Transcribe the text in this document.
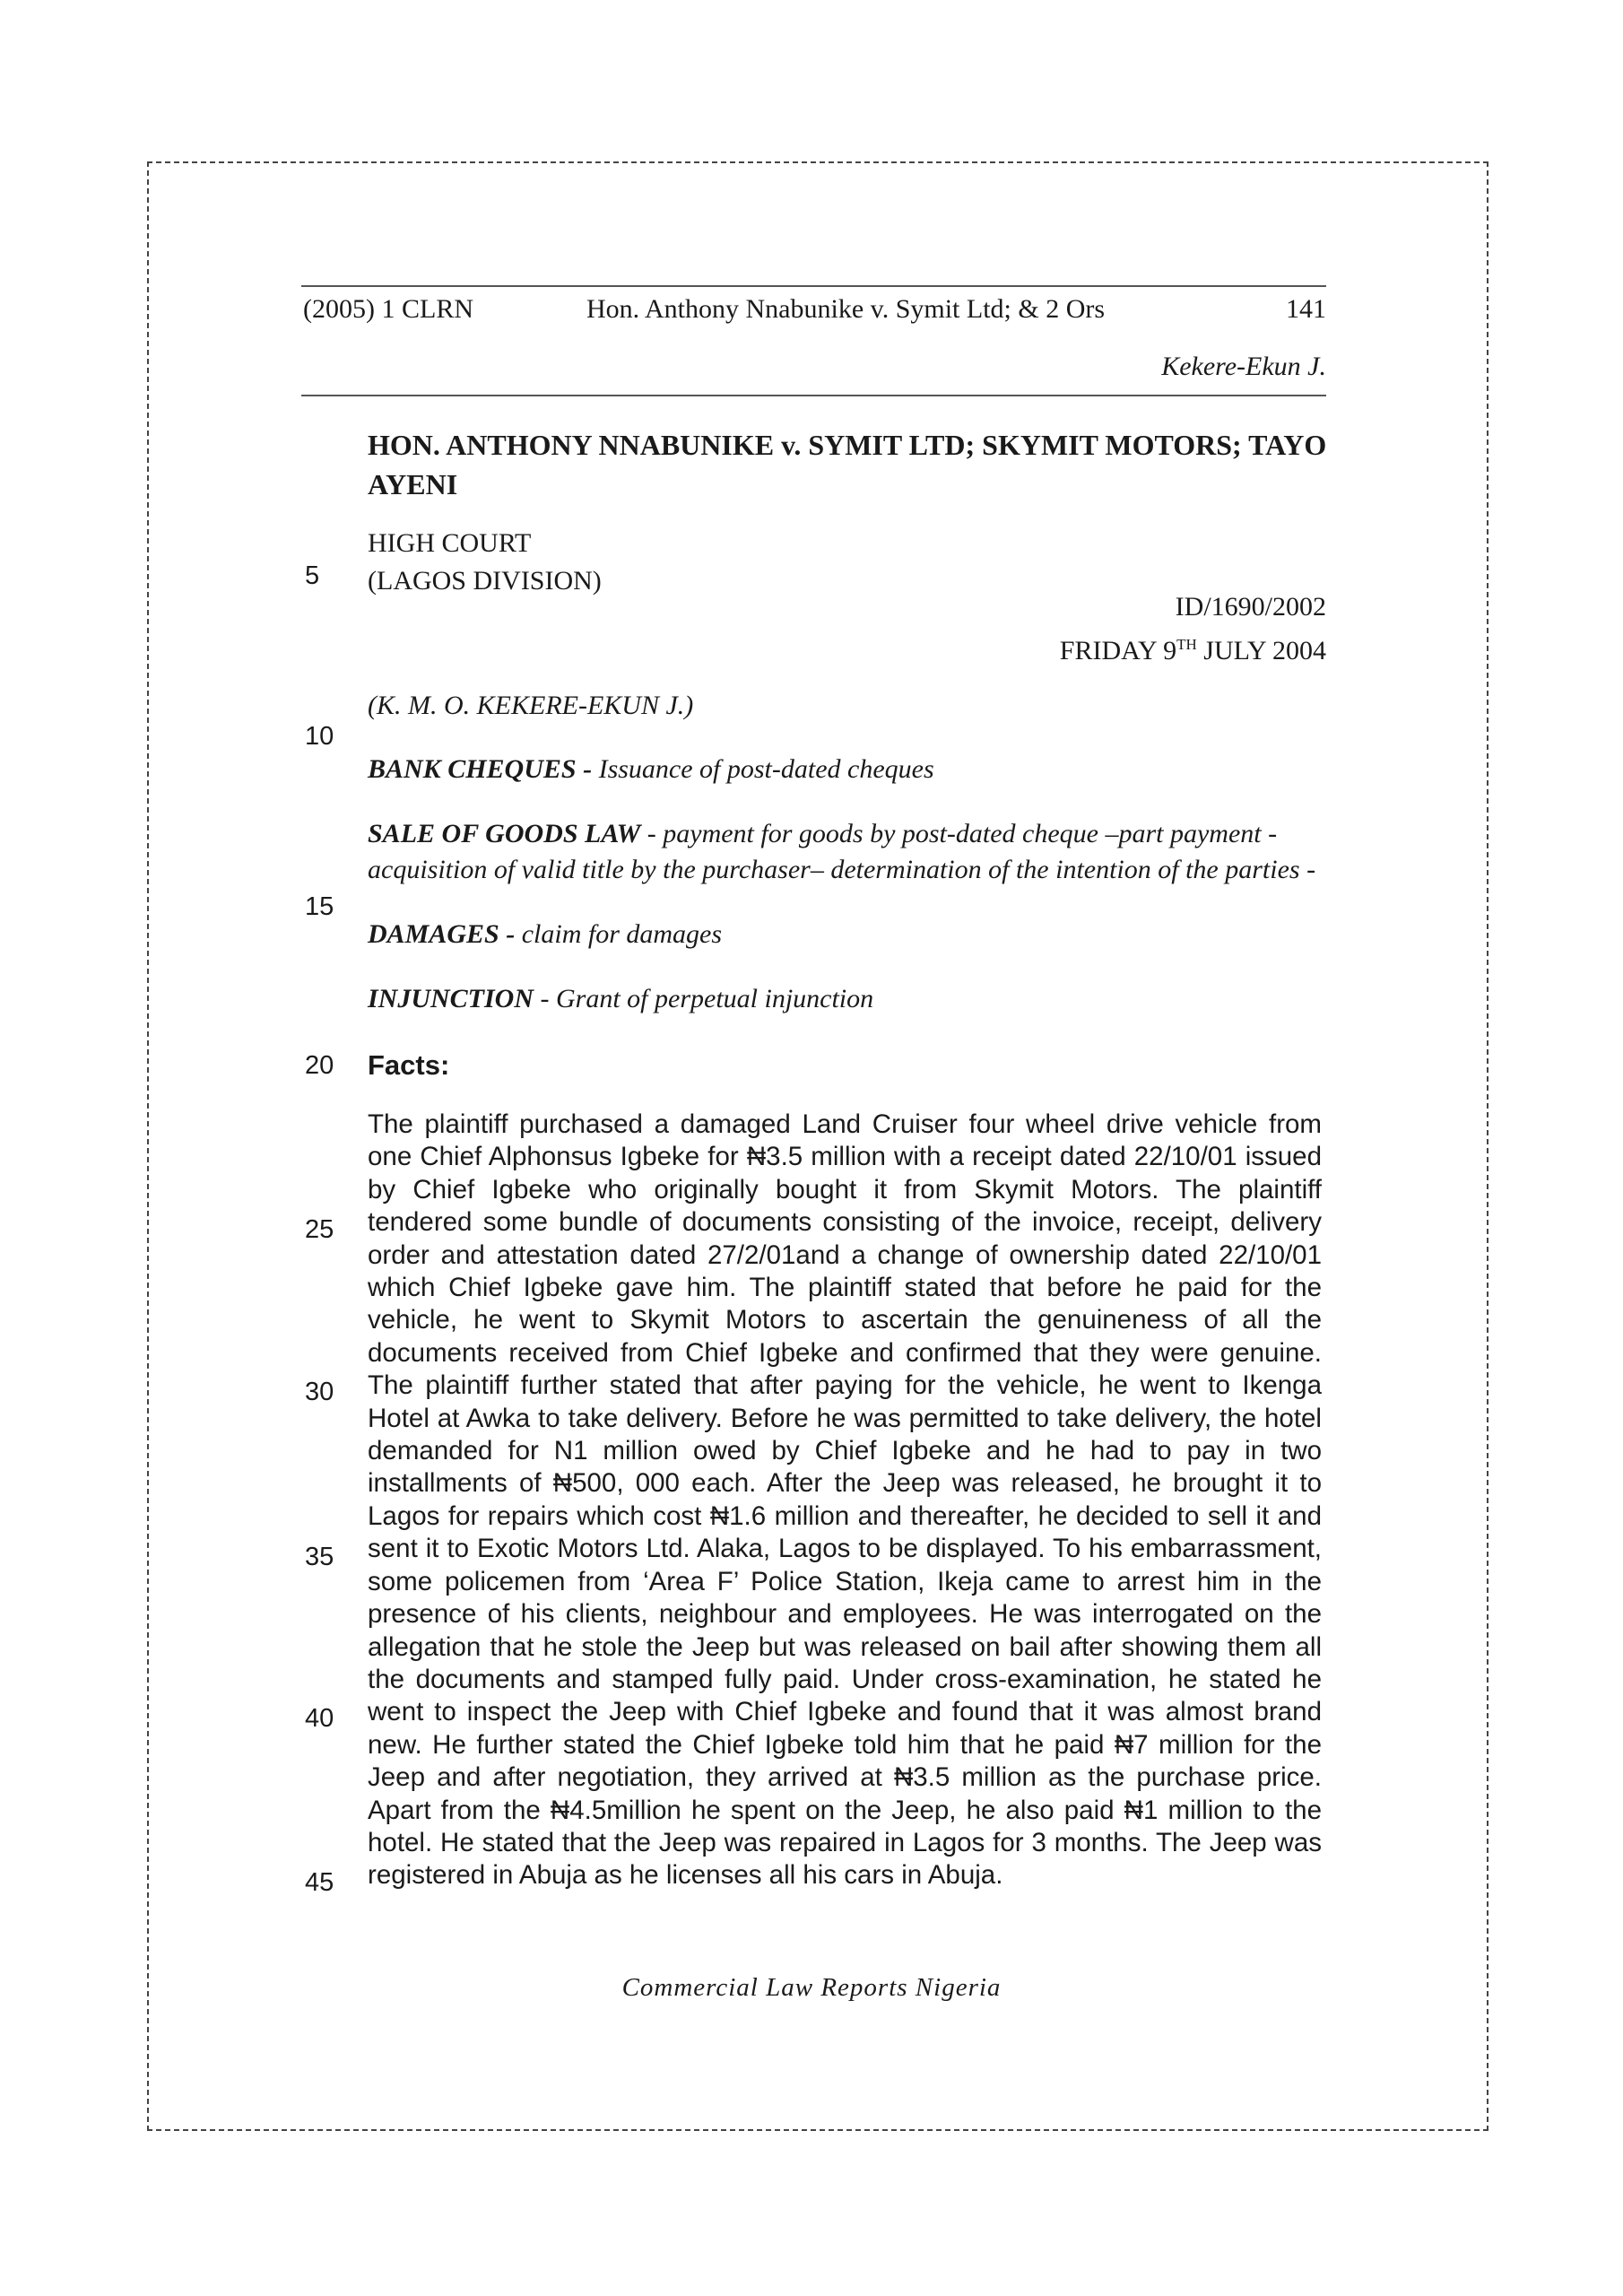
(2005) 1 CLRN	Hon. Anthony Nnabunike v. Symit Ltd; & 2 Ors	141
Kekere-Ekun J.
5
10
15
20
25
30
35
40
45
HON. ANTHONY NNABUNIKE v. SYMIT LTD; SKYMIT MOTORS; TAYO AYENI
HIGH COURT
(LAGOS DIVISION)
ID/1690/2002
FRIDAY 9TH JULY 2004
(K. M. O. KEKERE-EKUN J.)
BANK CHEQUES - Issuance of post-dated cheques
SALE OF GOODS LAW - payment for goods by post-dated cheque –part payment - acquisition of valid title by the purchaser– determination of the intention of the parties -
DAMAGES - claim for damages
INJUNCTION - Grant of perpetual injunction
Facts:
The plaintiff purchased a damaged Land Cruiser four wheel drive vehicle from one Chief Alphonsus Igbeke for ₦3.5 million with a receipt dated 22/10/01 issued by Chief Igbeke who originally bought it from Skymit Motors. The plaintiff tendered some bundle of documents consisting of the invoice, receipt, delivery order and attestation dated 27/2/01and a change of ownership dated 22/10/01 which Chief Igbeke gave him. The plaintiff stated that before he paid for the vehicle, he went to Skymit Motors to ascertain the genuineness of all the documents received from Chief Igbeke and confirmed that they were genuine. The plaintiff further stated that after paying for the vehicle, he went to Ikenga Hotel at Awka to take delivery. Before he was permitted to take delivery, the hotel demanded for N1 million owed by Chief Igbeke and he had to pay in two installments of ₦500, 000 each. After the Jeep was released, he brought it to Lagos for repairs which cost ₦1.6 million and thereafter, he decided to sell it and sent it to Exotic Motors Ltd. Alaka, Lagos to be displayed. To his embarrassment, some policemen from ‘Area F’ Police Station, Ikeja came to arrest him in the presence of his clients, neighbour and employees. He was interrogated on the allegation that he stole the Jeep but was released on bail after showing them all the documents and stamped fully paid. Under cross-examination, he stated he went to inspect the Jeep with Chief Igbeke and found that it was almost brand new. He further stated the Chief Igbeke told him that he paid ₦7 million for the Jeep and after negotiation, they arrived at ₦3.5 million as the purchase price. Apart from the ₦4.5million he spent on the Jeep, he also paid ₦1 million to the hotel. He stated that the Jeep was repaired in Lagos for 3 months. The Jeep was registered in Abuja as he licenses all his cars in Abuja.
Commercial Law Reports Nigeria
